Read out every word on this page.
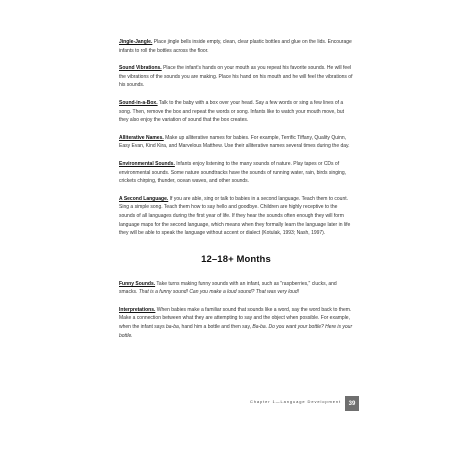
Jingle-Jangle. Place jingle bells inside empty, clean, clear plastic bottles and glue on the lids. Encourage infants to roll the bottles across the floor.

Sound Vibrations. Place the infant's hands on your mouth as you repeat his favorite sounds. He will feel the vibrations of the sounds you are making. Place his hand on his mouth and he will feel the vibrations of his sounds.

Sound-in-a-Box. Talk to the baby with a box over your head. Say a few words or sing a few lines of a song. Then, remove the box and repeat the words or song. Infants like to watch your mouth move, but they also enjoy the variation of sound that the box creates.

Alliterative Names. Make up alliterative names for babies. For example, Terrific Tiffany, Quality Quinn, Easy Evan, Kind Kira, and Marvelous Matthew. Use their alliterative names several times during the day.

Environmental Sounds. Infants enjoy listening to the many sounds of nature. Play tapes or CDs of environmental sounds. Some nature soundtracks have the sounds of running water, rain, birds singing, crickets chirping, thunder, ocean waves, and other sounds.

A Second Language. If you are able, sing or talk to babies in a second language. Teach them to count. Sing a simple song. Teach them how to say hello and goodbye. Children are highly receptive to the sounds of all languages during the first year of life. If they hear the sounds often enough they will form language maps for the second language, which means when they formally learn the language later in life they will be able to speak the language without accent or dialect (Kotulak, 1993; Nash, 1997).

12–18+ Months

Funny Sounds. Take turns making funny sounds with an infant, such as "raspberries," clucks, and smacks. That is a funny sound! Can you make a loud sound? That was very loud!

Interpretations. When babies make a familiar sound that sounds like a word, say the word back to them. Make a connection between what they are attempting to say and the object when possible. For example, when the infant says ba-ba, hand him a bottle and then say, Ba-ba. Do you want your bottle? Here is your bottle.

Chapter 1—Language Development	39
